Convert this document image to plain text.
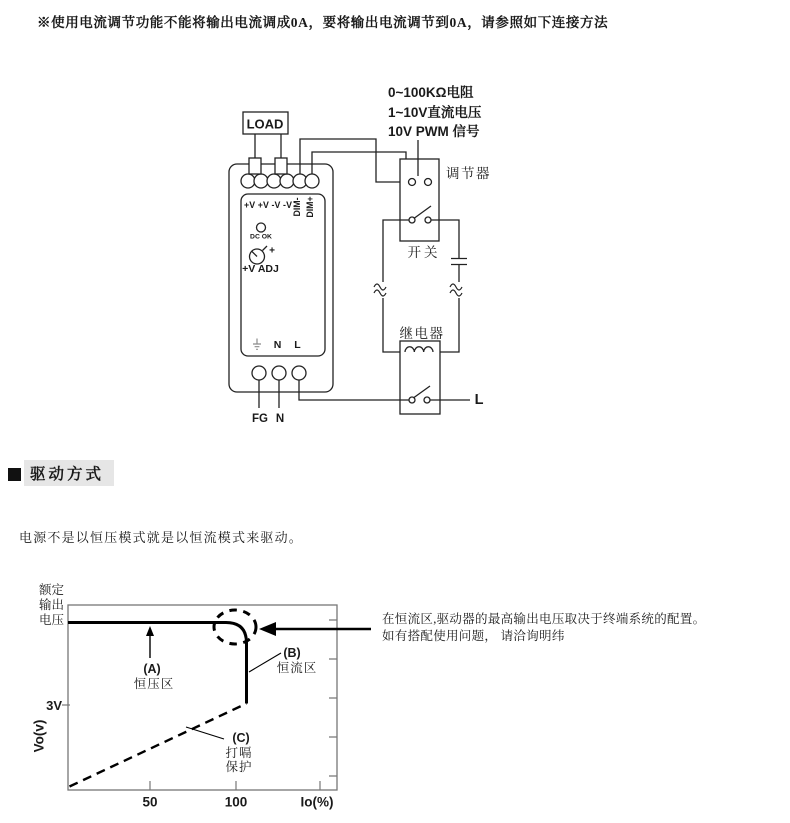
※使用电流调节功能不能将输出电流调成0A，要将输出电流调节到0A，请参照如下连接方法
LOAD
0~100KΩ电阻
1~10V直流电压
10V PWM 信号
调节器
开关
继电器
L
+V +V -V -V DIM- DIM+
DC OK
+
+V ADJ
N L
FG N
驱动方式
电源不是以恒压模式就是以恒流模式来驱动。
额定
输出
电压
3V
Vo(v)
50	100	Io(%)
(A)
恒压区
(B)
恒流区
(C)
打嗝
保护
在恒流区,驱动器的最高输出电压取决于终端系统的配置。
如有搭配使用问题， 请洽询明纬
